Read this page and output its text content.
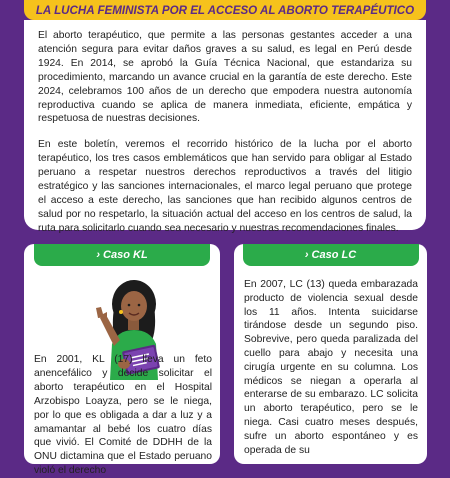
LA LUCHA FEMINISTA POR EL ACCESO AL ABORTO TERAPÉUTICO

El aborto terapéutico, que permite a las personas gestantes acceder a una atención segura para evitar daños graves a su salud, es legal en Perú desde 1924. En 2014, se aprobó la Guía Técnica Nacional, que estandariza su procedimiento, marcando un avance crucial en la garantía de este derecho. Este 2024, celebramos 100 años de un derecho que empodera nuestra autonomía reproductiva cuando se aplica de manera inmediata, eficiente, empática y respetuosa de nuestras decisiones.

En este boletín, veremos el recorrido histórico de la lucha por el aborto terapéutico, los tres casos emblemáticos que han servido para obligar al Estado peruano a respetar nuestros derechos reproductivos a través del litigio estratégico y las sanciones internacionales, el marco legal peruano que protege el acceso a este derecho, las sanciones que han recibido algunos centros de salud por no respetarlo, la situación actual del acceso en los centros de salud, la ruta para solicitarlo cuando sea necesario y nuestras recomendaciones finales.

› Caso KL
En 2001, KL (17) lleva un feto anencefálico y decide solicitar el aborto terapéutico en el Hospital Arzobispo Loayza, pero se le niega, por lo que es obligada a dar a luz y a amamantar al bebé los cuatro días que vivió. El Comité de DDHH de la ONU dictamina que el Estado peruano violó el derecho
› Caso LC
En 2007, LC (13) queda embarazada producto de violencia sexual desde los 11 años. Intenta suicidarse tirándose desde un segundo piso. Sobrevive, pero queda paralizada del cuello para abajo y necesita una cirugía urgente en su columna. Los médicos se niegan a operarla al enterarse de su embarazo. LC solicita un aborto terapéutico, pero se le niega. Casi cuatro meses después, sufre un aborto espontáneo y es operada de su
